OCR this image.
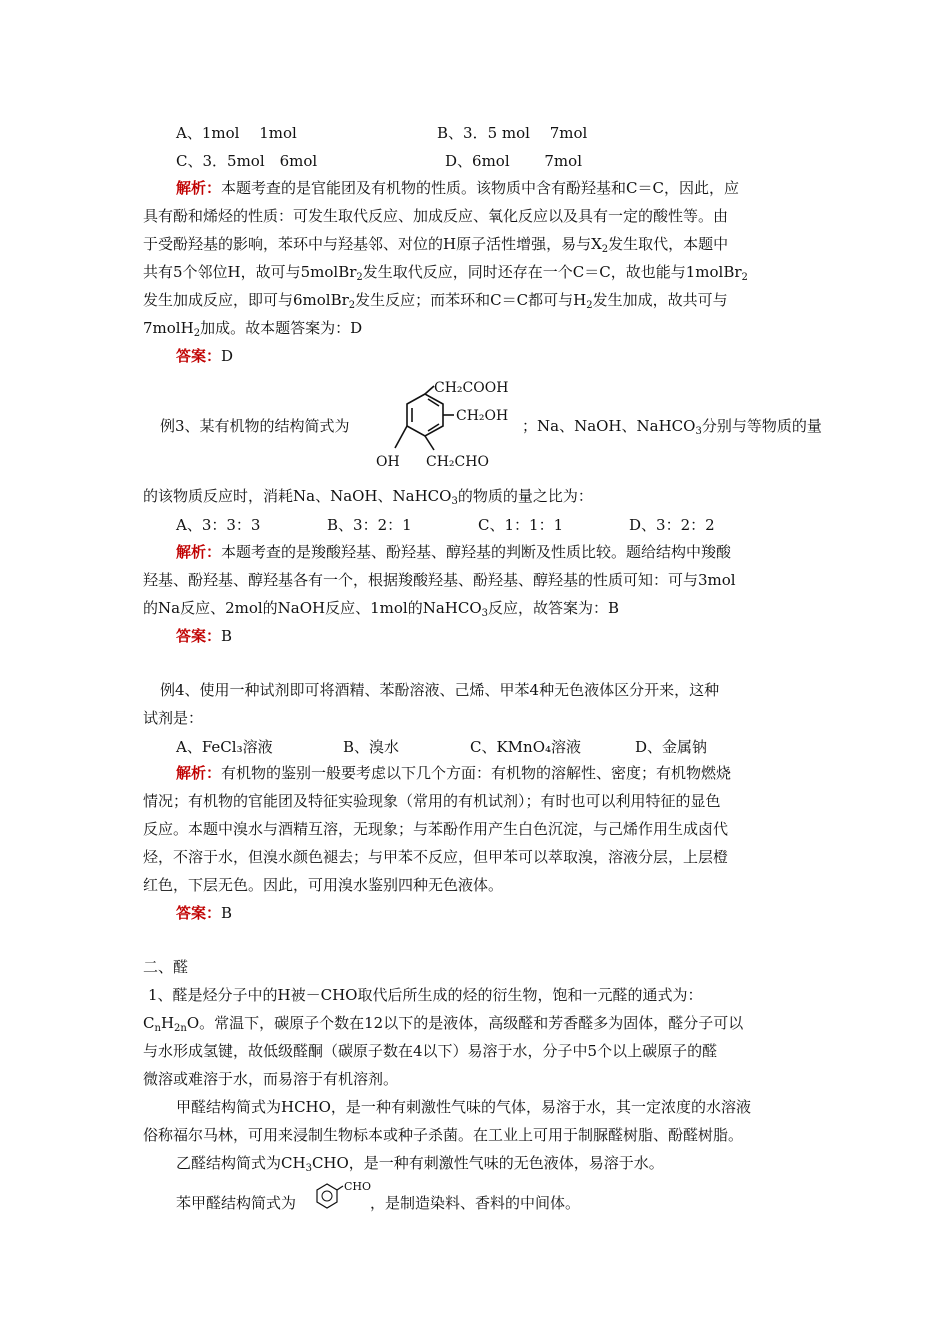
A、1mol　 1mol	B、3．5 mol　 7mol
C、3．5mol　6mol	D、6mol　　 7mol
解析：本题考查的是官能团及有机物的性质。该物质中含有酚羟基和C＝C，因此，应
具有酚和烯烃的性质：可发生取代反应、加成反应、氧化反应以及具有一定的酸性等。由
于受酚羟基的影响，苯环中与羟基邻、对位的H原子活性增强，易与$X_2$发生取代，本题中
共有5个邻位H，故可与5molBr$_2$发生取代反应，同时还存在一个C＝C，故也能与1molBr$_2$
发生加成反应，即可与6molBr$_2$发生反应；而苯环和C＝C都可与$H_2$发生加成，故共可与
7molH$_2$加成。故本题答案为：D
答案：D
例3、某有机物的结构简式为
CH₂COOH
CH₂OH
OH CH₂CHO
；Na、NaOH、NaHCO$_3$分别与等物质的量
的该物质反应时，消耗Na、NaOH、NaHCO$_3$的物质的量之比为：
A、3：3：3	B、3：2：1	C、1：1：1	D、3：2：2
解析：本题考查的是羧酸羟基、酚羟基、醇羟基的判断及性质比较。题给结构中羧酸
羟基、酚羟基、醇羟基各有一个，根据羧酸羟基、酚羟基、醇羟基的性质可知：可与3mol
的Na反应、2mol的NaOH反应、1mol的NaHCO$_3$反应，故答案为：B
答案：B
例4、使用一种试剂即可将酒精、苯酚溶液、己烯、甲苯4种无色液体区分开来，这种
试剂是：
A、FeCl₃溶液	B、溴水	C、KMnO₄溶液	D、金属钠
解析：有机物的鉴别一般要考虑以下几个方面：有机物的溶解性、密度；有机物燃烧
情况；有机物的官能团及特征实验现象（常用的有机试剂）；有时也可以利用特征的显色
反应。本题中溴水与酒精互溶，无现象；与苯酚作用产生白色沉淀，与己烯作用生成卤代
烃，不溶于水，但溴水颜色褪去；与甲苯不反应，但甲苯可以萃取溴，溶液分层，上层橙
红色，下层无色。因此，可用溴水鉴别四种无色液体。
答案：B
二、醛
1、醛是烃分子中的H被－CHO取代后所生成的烃的衍生物，饱和一元醛的通式为：
$C_nH_{2n}O$。常温下，碳原子个数在12以下的是液体，高级醛和芳香醛多为固体，醛分子可以
与水形成氢键，故低级醛酮（碳原子数在4以下）易溶于水，分子中5个以上碳原子的醛
微溶或难溶于水，而易溶于有机溶剂。
甲醛结构简式为HCHO，是一种有刺激性气味的气体，易溶于水，其一定浓度的水溶液
俗称福尔马林，可用来浸制生物标本或种子杀菌。在工业上可用于制脲醛树脂、酚醛树脂。
乙醛结构简式为$CH_3CHO$，是一种有刺激性气味的无色液体，易溶于水。
苯甲醛结构简式为
CHO
，是制造染料、香料的中间体。
